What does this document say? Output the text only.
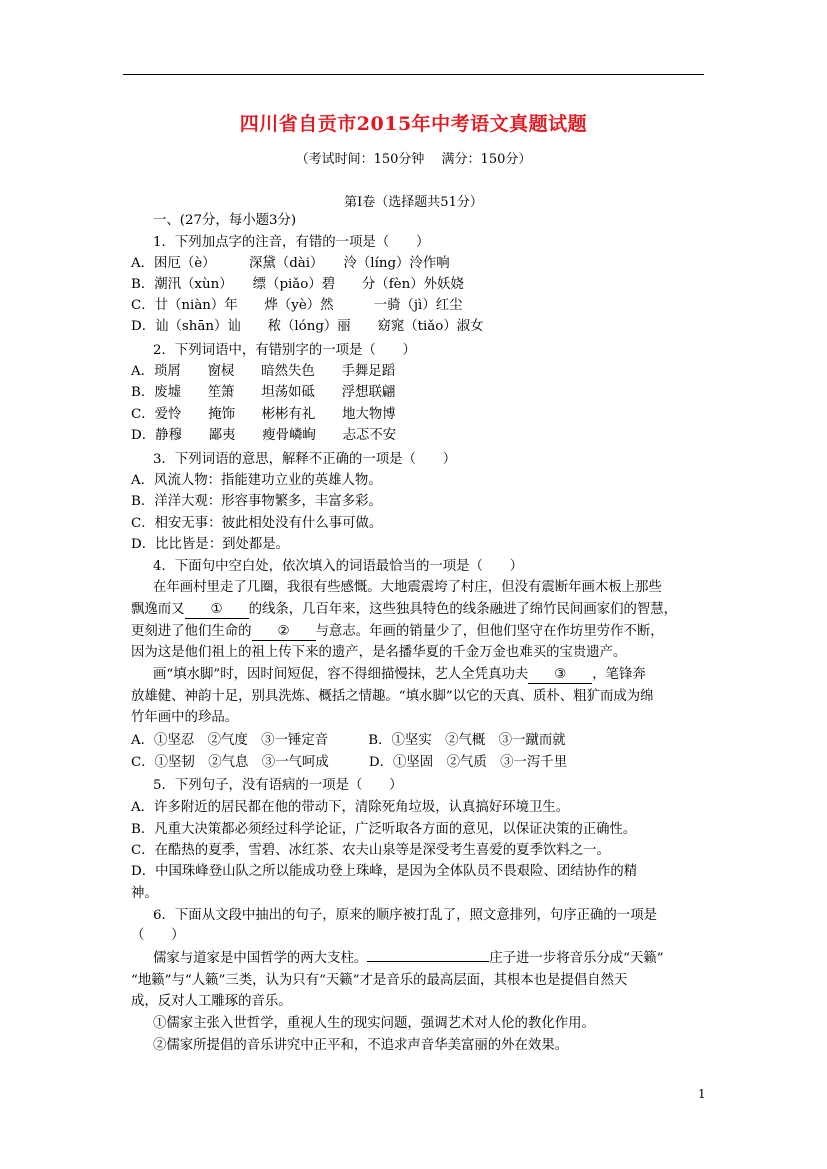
四川省自贡市2015年中考语文真题试题
（考试时间：150分钟　 满分：150分）
第Ⅰ卷（选择题共51分）
一、(27分，每小题3分)
1．下列加点字的注音，有错的一项是（　　）
A．困厄（è）　　　深黛（dài）　　泠（líng）泠作响
B．潮汛（xùn）　　缥（piǎo）碧　　分（fèn）外妖娆
C．廿（niàn）年　　烨（yè）然　　　一骑（jì）红尘
D．讪（shān）讪　　秾（lóng）丽　　窈窕（tiǎo）淑女
2．下列词语中，有错别字的一项是（　　）
A．琐屑　　窗棂　　暗然失色　　手舞足蹈
B．废墟　　笙箫　　坦荡如砥　　浮想联翩
C．爱怜　　掩饰　　彬彬有礼　　地大物博
D．静穆　　鄙夷　　瘦骨嶙峋　　忐忑不安
3．下列词语的意思，解释不正确的一项是（　　）
A．风流人物：指能建功立业的英雄人物。
B．洋洋大观：形容事物繁多，丰富多彩。
C．相安无事：彼此相处没有什么事可做。
D．比比皆是：到处都是。
4．下面句中空白处，依次填入的词语最恰当的一项是（　　）
在年画村里走了几圈，我很有些感慨。大地震震垮了村庄，但没有震断年画木板上那些
飘逸而又 ① 的线条，几百年来，这些独具特色的线条融进了绵竹民间画家们的智慧，
更刻进了他们生命的 ② 与意志。年画的销量少了，但他们坚守在作坊里劳作不断，
因为这是他们祖上的祖上传下来的遗产，是名播华夏的千金万金也难买的宝贵遗产。
画“填水脚”时，因时间短促，容不得细描慢抹，艺人全凭真功夫 ③ ，笔锋奔
放雄健、神韵十足，别具洗炼、概括之情趣。“填水脚”以它的天真、质朴、粗犷而成为绵
竹年画中的珍品。
A．①坚忍　②气度　③一锤定音　　　B．①坚实　②气概　③一蹴而就
C．①坚韧　②气息　③一气呵成　　　D．①坚固　②气质　③一泻千里
5．下列句子，没有语病的一项是（　　）
A．许多附近的居民都在他的带动下，清除死角垃圾，认真搞好环境卫生。
B．凡重大决策都必须经过科学论证，广泛听取各方面的意见，以保证决策的正确性。
C．在酷热的夏季，雪碧、冰红茶、农夫山泉等是深受考生喜爱的夏季饮料之一。
D．中国珠峰登山队之所以能成功登上珠峰，是因为全体队员不畏艰险、团结协作的精
神。
6．下面从文段中抽出的句子，原来的顺序被打乱了，照文意排列，句序正确的一项是
（　　）
儒家与道家是中国哲学的两大支柱。	庄子进一步将音乐分成“天籁”
“地籁”与“人籁”三类，认为只有“天籁”才是音乐的最高层面，其根本也是提倡自然天
成，反对人工雕琢的音乐。
①儒家主张入世哲学，重视人生的现实问题，强调艺术对人伦的教化作用。
②儒家所提倡的音乐讲究中正平和，不追求声音华美富丽的外在效果。
1
